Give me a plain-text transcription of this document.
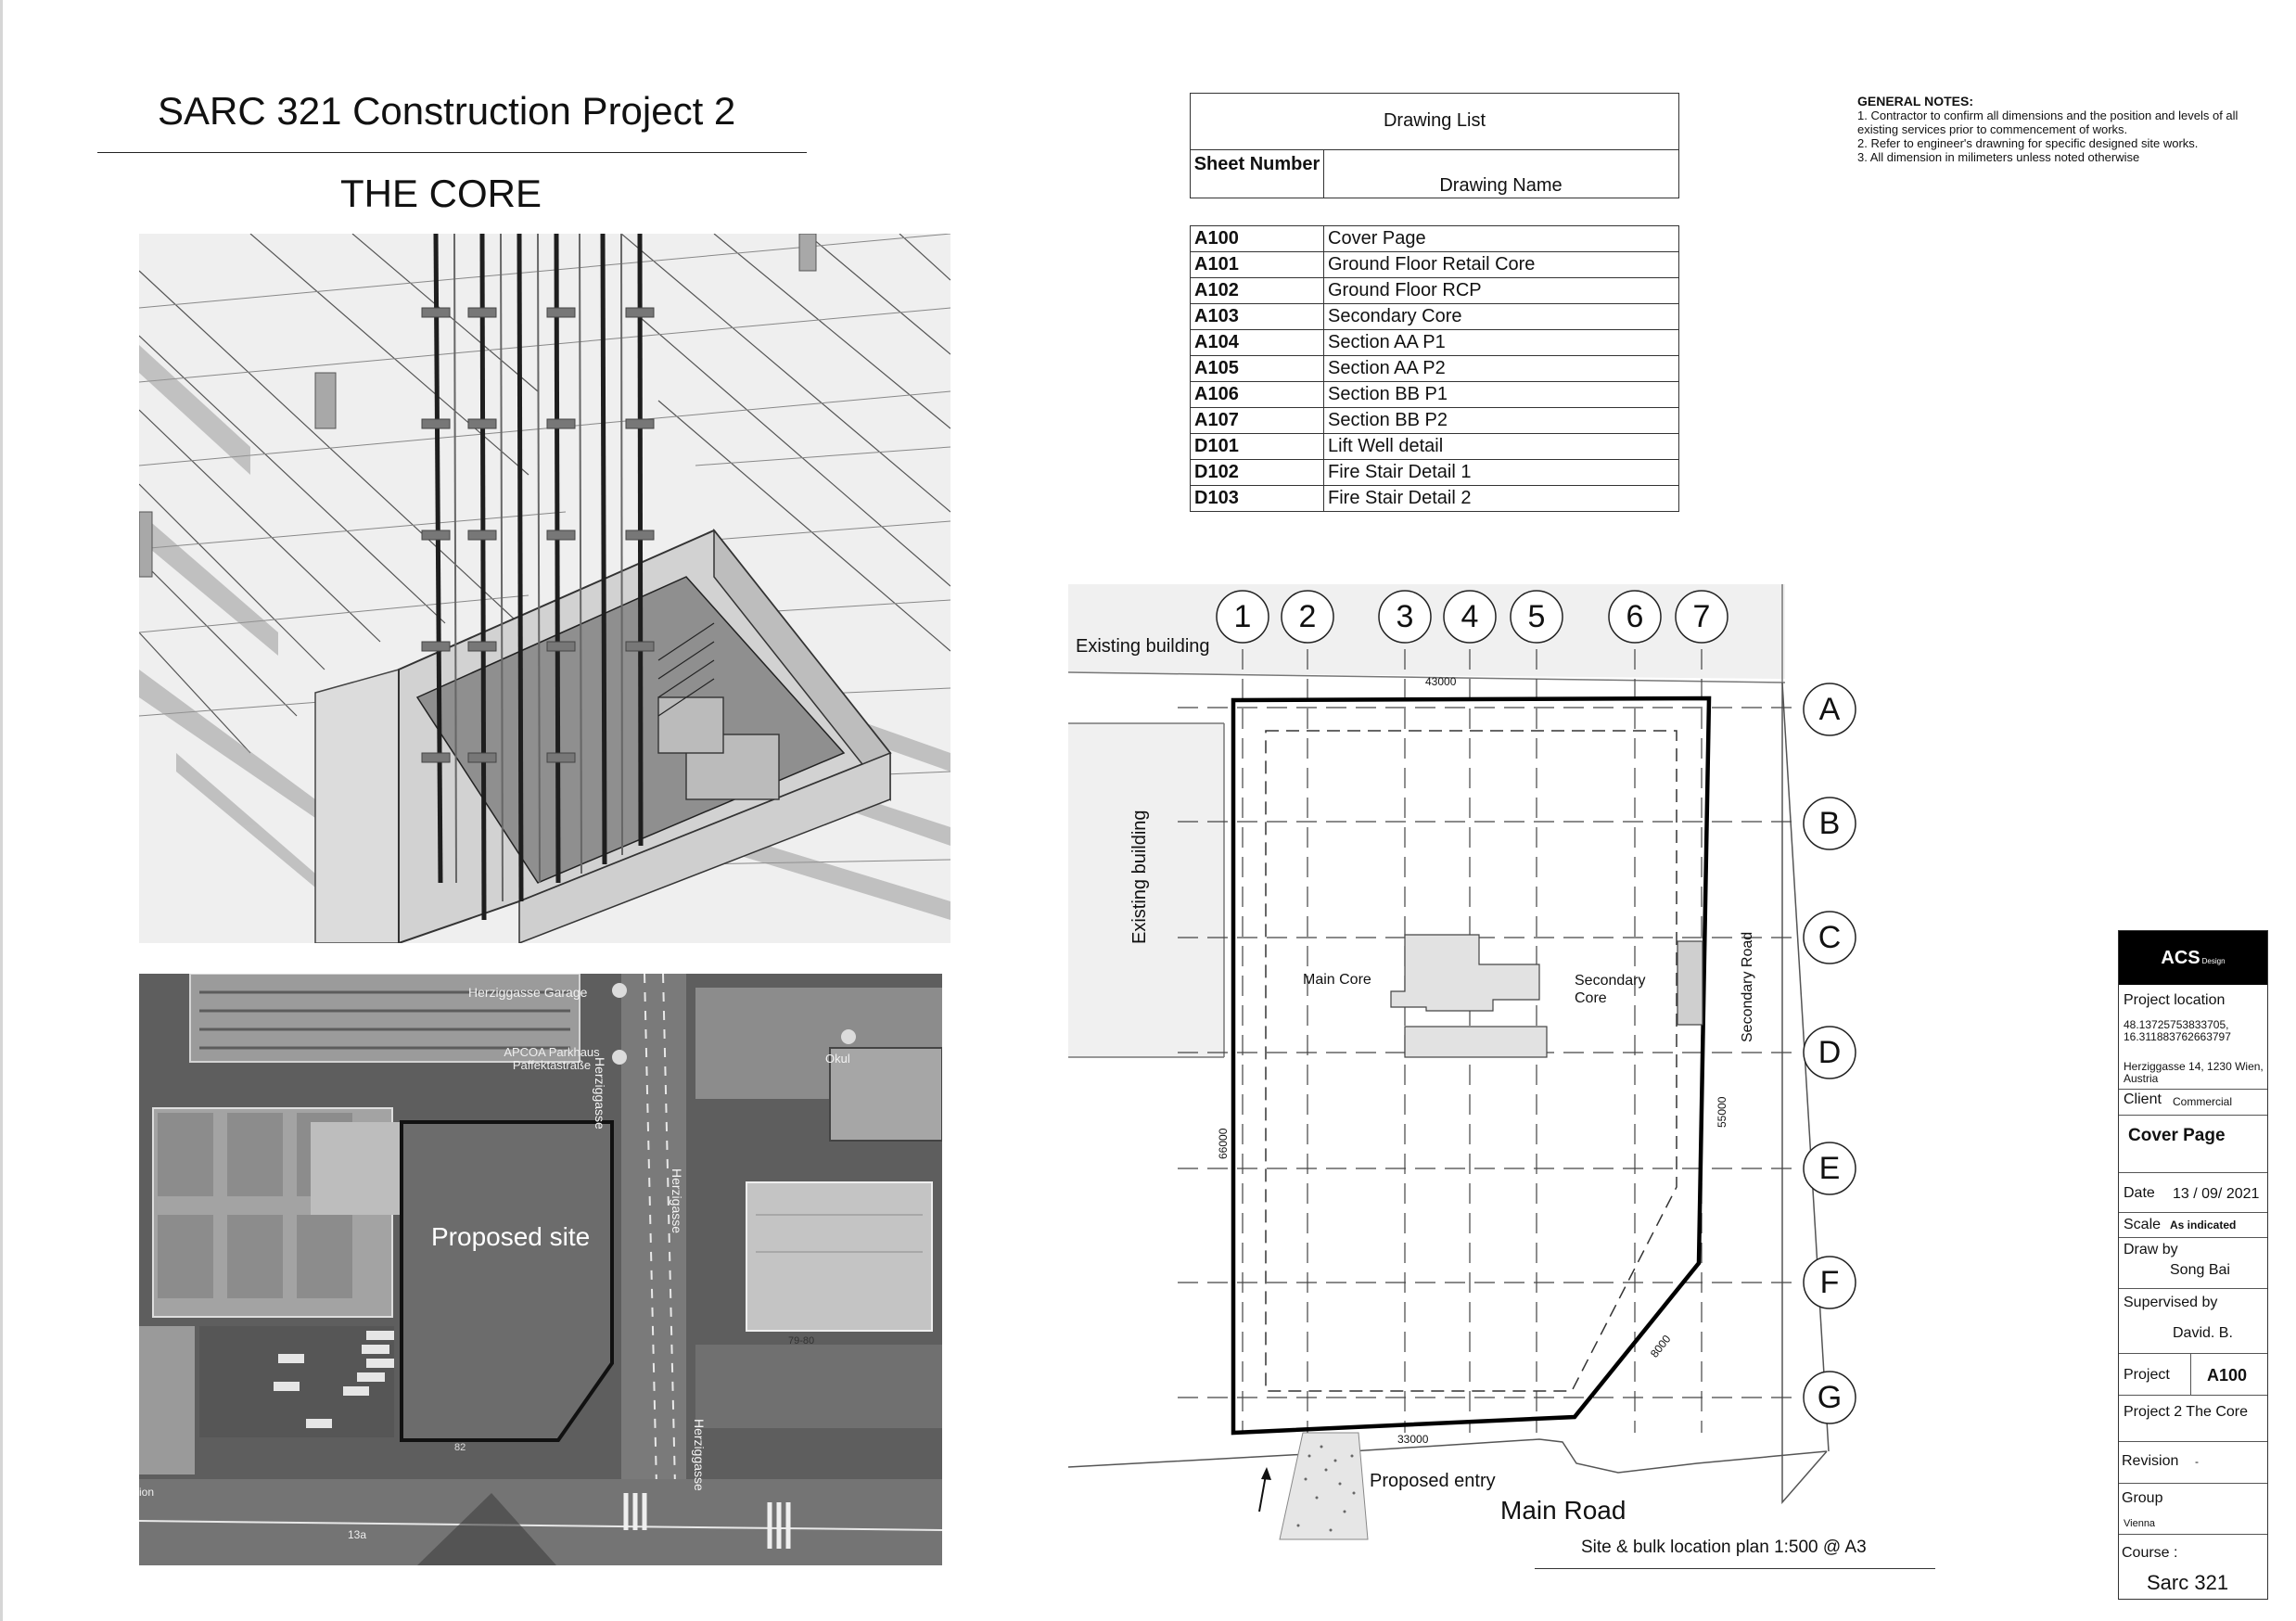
SARC 321 Construction Project 2
THE CORE
Herziggasse Garage
APCOA Parkhaus Paffektastraße	Okul
Herziggasse
Herzigasse
Herziggasse
Proposed site
82
79-80
13a
ion
Drawing List
Sheet Number
Drawing Name
A100	Cover Page
A101	Ground Floor Retail Core
A102	Ground Floor RCP
A103	Secondary Core
A104	Section AA P1
A105	Section AA P2
A106	Section BB P1
A107	Section BB P2
D101	Lift Well detail
D102	Fire Stair Detail 1
D103	Fire Stair Detail 2
GENERAL NOTES:
1. Contractor to confirm all dimensions and the position and levels of all existing services prior to commencement of works.
2. Refer to engineer's drawning for specific designed site works.
3. All dimension in milimeters unless noted otherwise
1	2	3	4	5	6	7
A
B
C
D
E
F
G
Existing building
Existing building
43000
66000
55000
33000
8000
Main Core	Secondary Core	Secondary Road
Proposed entry
Main Road
Site & bulk location plan 1:500 @ A3
ACS Design
Project location
48.13725753833705, 16.311883762663797
Herziggasse 14, 1230 Wien, Austria
Client Commercial
Cover Page
Date 13 / 09/ 2021
Scale As indicated
Draw by
Song Bai
Supervised by
David. B.
Project A100
Project 2 The Core
Revision -
Group
Vienna
Course :
Sarc 321
